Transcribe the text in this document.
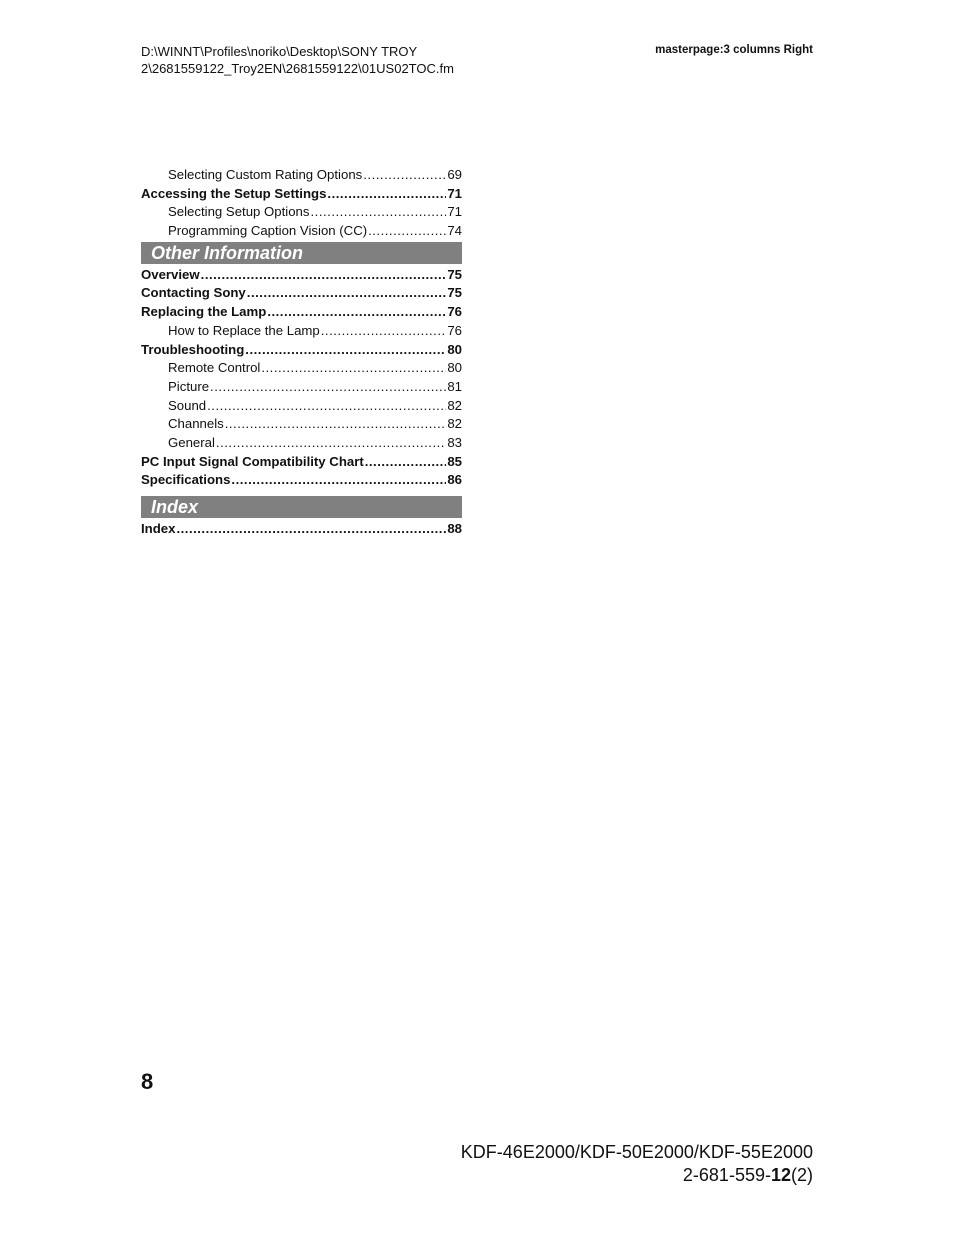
D:\WINNT\Profiles\noriko\Desktop\SONY TROY
2\2681559122_Troy2EN\2681559122\01US02TOC.fm
masterpage:3 columns Right
Selecting Custom Rating Options .....	69
Accessing the Setup Settings .....	71
Selecting Setup Options .....	71
Programming Caption Vision (CC) .....	74
Other Information
Overview .....	75
Contacting Sony .....	75
Replacing the Lamp .....	76
How to Replace the Lamp .....	76
Troubleshooting .....	80
Remote Control .....	80
Picture .....	81
Sound .....	82
Channels .....	82
General .....	83
PC Input Signal Compatibility Chart .....	85
Specifications .....	86
Index
Index .....	88
8
KDF-46E2000/KDF-50E2000/KDF-55E2000
2-681-559-12(2)
